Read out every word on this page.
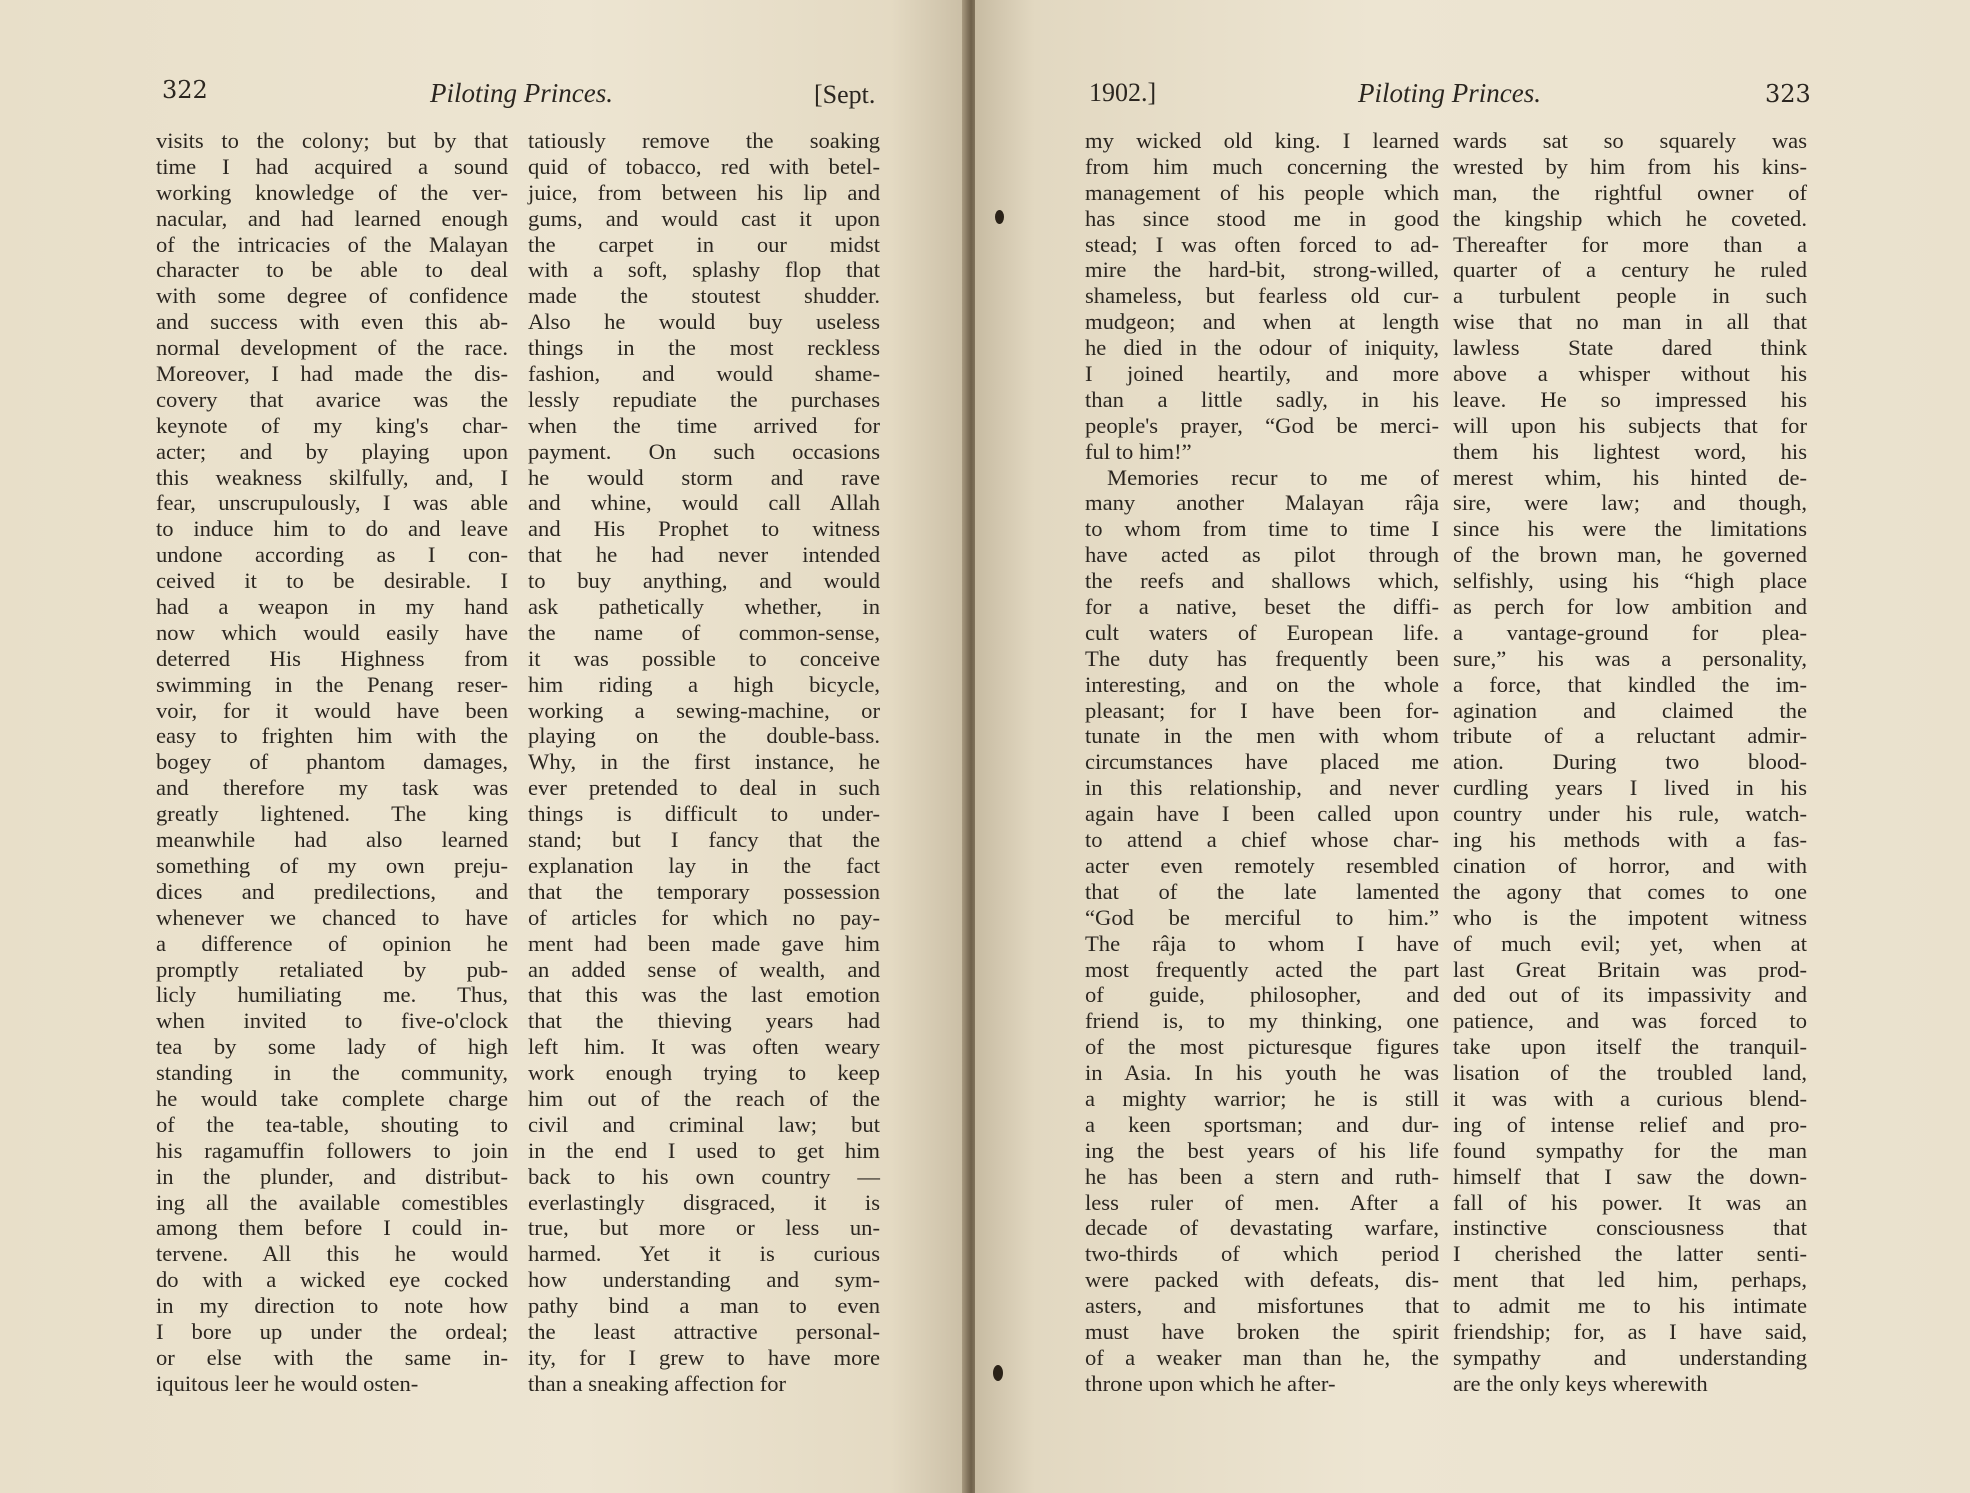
322	Piloting Princes.	[Sept.
visits to the colony; but by that
time I had acquired a sound
working knowledge of the ver-
nacular, and had learned enough
of the intricacies of the Malayan
character to be able to deal
with some degree of confidence
and success with even this ab-
normal development of the race.
Moreover, I had made the dis-
covery that avarice was the
keynote of my king's char-
acter; and by playing upon
this weakness skilfully, and, I
fear, unscrupulously, I was able
to induce him to do and leave
undone according as I con-
ceived it to be desirable. I
had a weapon in my hand
now which would easily have
deterred His Highness from
swimming in the Penang reser-
voir, for it would have been
easy to frighten him with the
bogey of phantom damages,
and therefore my task was
greatly lightened. The king
meanwhile had also learned
something of my own preju-
dices and predilections, and
whenever we chanced to have
a difference of opinion he
promptly retaliated by pub-
licly humiliating me. Thus,
when invited to five-o'clock
tea by some lady of high
standing in the community,
he would take complete charge
of the tea-table, shouting to
his ragamuffin followers to join
in the plunder, and distribut-
ing all the available comestibles
among them before I could in-
tervene. All this he would
do with a wicked eye cocked
in my direction to note how
I bore up under the ordeal;
or else with the same in-
iquitous leer he would osten-
tatiously remove the soaking
quid of tobacco, red with betel-
juice, from between his lip and
gums, and would cast it upon
the carpet in our midst
with a soft, splashy flop that
made the stoutest shudder.
Also he would buy useless
things in the most reckless
fashion, and would shame-
lessly repudiate the purchases
when the time arrived for
payment. On such occasions
he would storm and rave
and whine, would call Allah
and His Prophet to witness
that he had never intended
to buy anything, and would
ask pathetically whether, in
the name of common-sense,
it was possible to conceive
him riding a high bicycle,
working a sewing-machine, or
playing on the double-bass.
Why, in the first instance, he
ever pretended to deal in such
things is difficult to under-
stand; but I fancy that the
explanation lay in the fact
that the temporary possession
of articles for which no pay-
ment had been made gave him
an added sense of wealth, and
that this was the last emotion
that the thieving years had
left him. It was often weary
work enough trying to keep
him out of the reach of the
civil and criminal law; but
in the end I used to get him
back to his own country —
everlastingly disgraced, it is
true, but more or less un-
harmed. Yet it is curious
how understanding and sym-
pathy bind a man to even
the least attractive personal-
ity, for I grew to have more
than a sneaking affection for
1902.]	Piloting Princes.	323
my wicked old king. I learned
from him much concerning the
management of his people which
has since stood me in good
stead; I was often forced to ad-
mire the hard-bit, strong-willed,
shameless, but fearless old cur-
mudgeon; and when at length
he died in the odour of iniquity,
I joined heartily, and more
than a little sadly, in his
people's prayer, “God be merci-
ful to him!”
Memories recur to me of
many another Malayan râja
to whom from time to time I
have acted as pilot through
the reefs and shallows which,
for a native, beset the diffi-
cult waters of European life.
The duty has frequently been
interesting, and on the whole
pleasant; for I have been for-
tunate in the men with whom
circumstances have placed me
in this relationship, and never
again have I been called upon
to attend a chief whose char-
acter even remotely resembled
that of the late lamented
“God be merciful to him.”
The râja to whom I have
most frequently acted the part
of guide, philosopher, and
friend is, to my thinking, one
of the most picturesque figures
in Asia. In his youth he was
a mighty warrior; he is still
a keen sportsman; and dur-
ing the best years of his life
he has been a stern and ruth-
less ruler of men. After a
decade of devastating warfare,
two-thirds of which period
were packed with defeats, dis-
asters, and misfortunes that
must have broken the spirit
of a weaker man than he, the
throne upon which he after-
wards sat so squarely was
wrested by him from his kins-
man, the rightful owner of
the kingship which he coveted.
Thereafter for more than a
quarter of a century he ruled
a turbulent people in such
wise that no man in all that
lawless State dared think
above a whisper without his
leave. He so impressed his
will upon his subjects that for
them his lightest word, his
merest whim, his hinted de-
sire, were law; and though,
since his were the limitations
of the brown man, he governed
selfishly, using his “high place
as perch for low ambition and
a vantage-ground for plea-
sure,” his was a personality,
a force, that kindled the im-
agination and claimed the
tribute of a reluctant admir-
ation. During two blood-
curdling years I lived in his
country under his rule, watch-
ing his methods with a fas-
cination of horror, and with
the agony that comes to one
who is the impotent witness
of much evil; yet, when at
last Great Britain was prod-
ded out of its impassivity and
patience, and was forced to
take upon itself the tranquil-
lisation of the troubled land,
it was with a curious blend-
ing of intense relief and pro-
found sympathy for the man
himself that I saw the down-
fall of his power. It was an
instinctive consciousness that
I cherished the latter senti-
ment that led him, perhaps,
to admit me to his intimate
friendship; for, as I have said,
sympathy and understanding
are the only keys wherewith
